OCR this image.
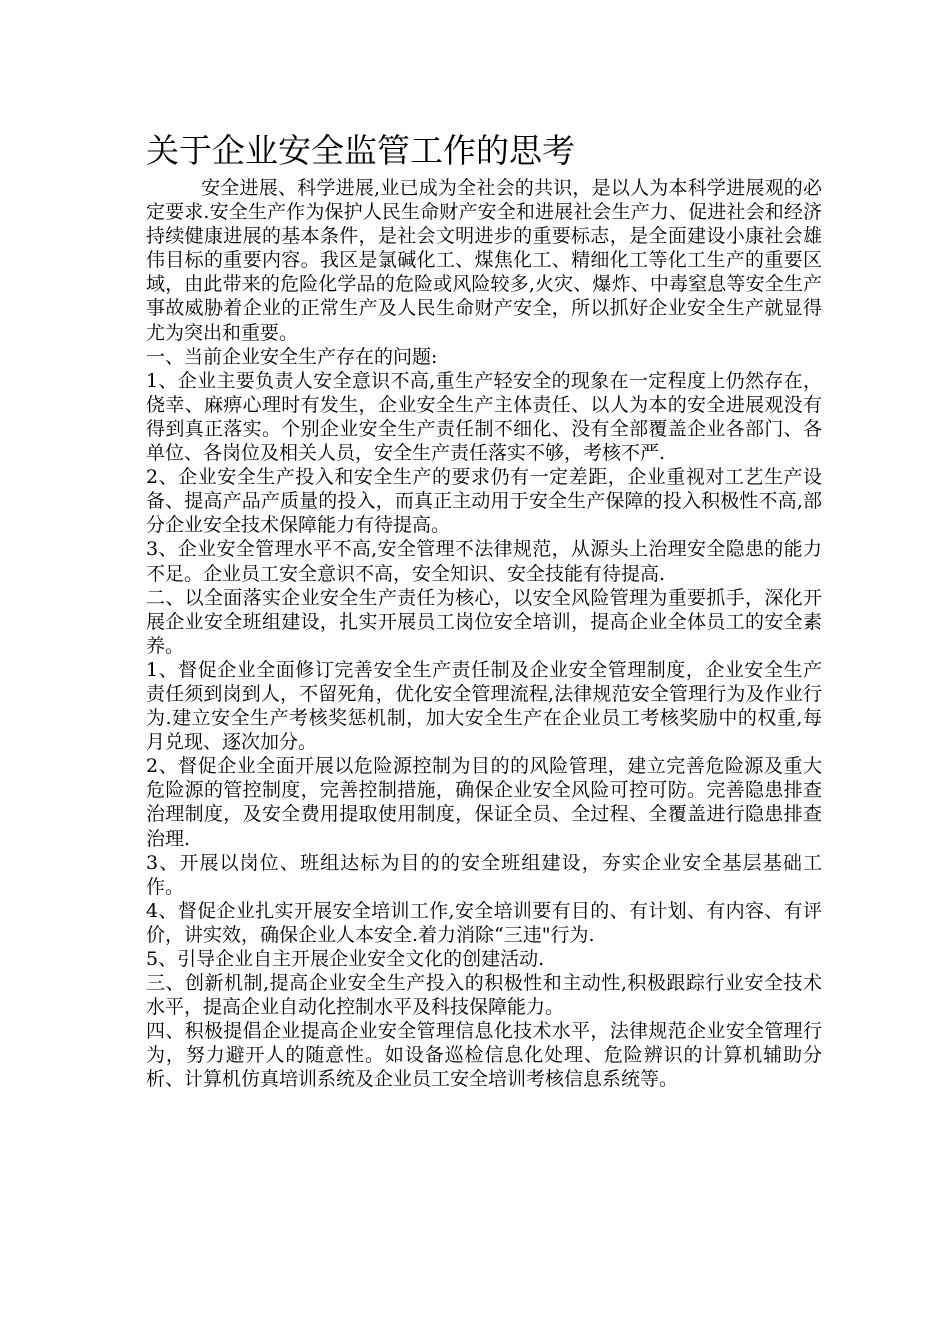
关于企业安全监管工作的思考

安全进展、科学进展,业已成为全社会的共识，是以人为本科学进展观的必定要求.安全生产作为保护人民生命财产安全和进展社会生产力、促进社会和经济持续健康进展的基本条件，是社会文明进步的重要标志，是全面建设小康社会雄伟目标的重要内容。我区是氯碱化工、煤焦化工、精细化工等化工生产的重要区域，由此带来的危险化学品的危险或风险较多,火灾、爆炸、中毒窒息等安全生产事故威胁着企业的正常生产及人民生命财产安全，所以抓好企业安全生产就显得尤为突出和重要。

一、当前企业安全生产存在的问题:

1、企业主要负责人安全意识不高,重生产轻安全的现象在一定程度上仍然存在，侥幸、麻痹心理时有发生，企业安全生产主体责任、以人为本的安全进展观没有得到真正落实。个别企业安全生产责任制不细化、没有全部覆盖企业各部门、各单位、各岗位及相关人员，安全生产责任落实不够，考核不严.

2、企业安全生产投入和安全生产的要求仍有一定差距，企业重视对工艺生产设备、提高产品产质量的投入，而真正主动用于安全生产保障的投入积极性不高,部分企业安全技术保障能力有待提高。

3、企业安全管理水平不高,安全管理不法律规范，从源头上治理安全隐患的能力不足。企业员工安全意识不高，安全知识、安全技能有待提高.

二、以全面落实企业安全生产责任为核心，以安全风险管理为重要抓手，深化开展企业安全班组建设，扎实开展员工岗位安全培训，提高企业全体员工的安全素养。

1、督促企业全面修订完善安全生产责任制及企业安全管理制度，企业安全生产责任须到岗到人，不留死角，优化安全管理流程,法律规范安全管理行为及作业行为.建立安全生产考核奖惩机制，加大安全生产在企业员工考核奖励中的权重,每月兑现、逐次加分。

2、督促企业全面开展以危险源控制为目的的风险管理，建立完善危险源及重大危险源的管控制度，完善控制措施，确保企业安全风险可控可防。完善隐患排查治理制度，及安全费用提取使用制度，保证全员、全过程、全覆盖进行隐患排查治理.

3、开展以岗位、班组达标为目的的安全班组建设，夯实企业安全基层基础工作。

4、督促企业扎实开展安全培训工作,安全培训要有目的、有计划、有内容、有评价，讲实效，确保企业人本安全.着力消除“三违"行为.

5、引导企业自主开展企业安全文化的创建活动.

三、创新机制,提高企业安全生产投入的积极性和主动性,积极跟踪行业安全技术水平，提高企业自动化控制水平及科技保障能力。

四、积极提倡企业提高企业安全管理信息化技术水平，法律规范企业安全管理行为，努力避开人的随意性。如设备巡检信息化处理、危险辨识的计算机辅助分析、计算机仿真培训系统及企业员工安全培训考核信息系统等。
